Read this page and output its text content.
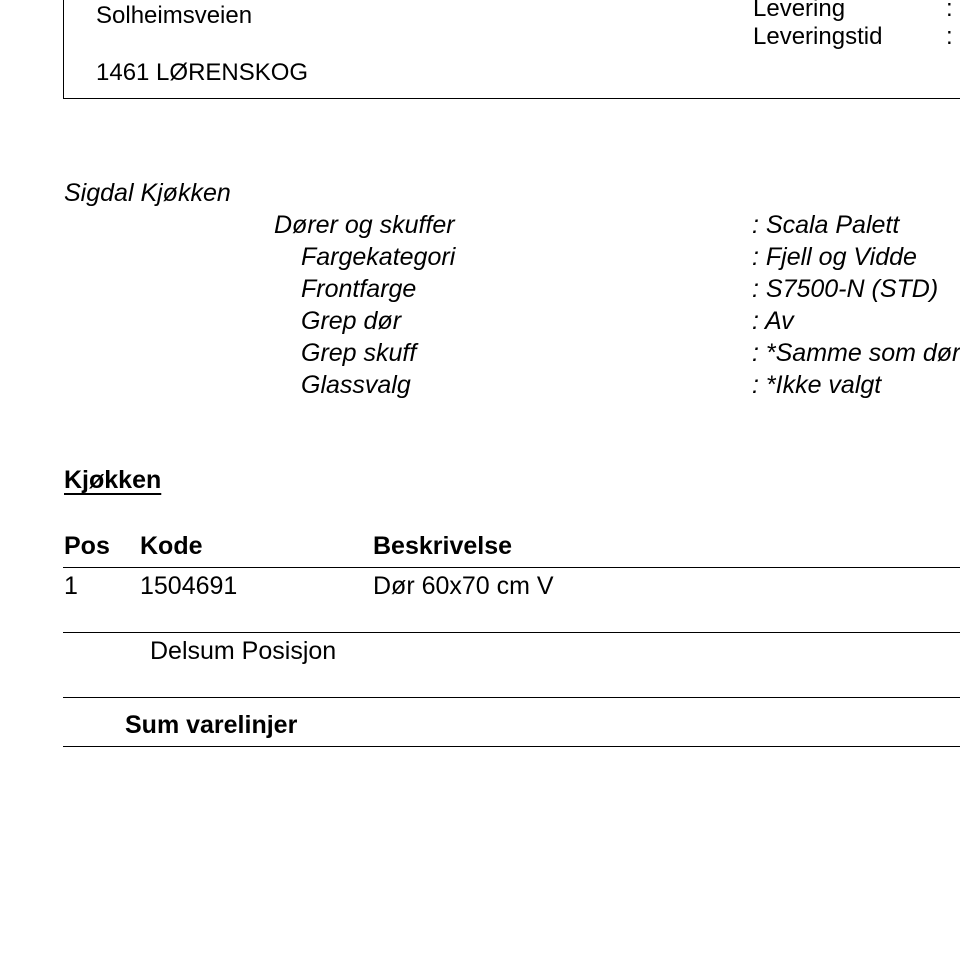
Solheimsveien
1461 LØRENSKOG
Levering	:
Leveringstid	:
Sigdal Kjøkken
Dører og skuffer	: Scala Palett
Fargekategori	: Fjell og Vidde
Frontfarge	: S7500-N (STD)
Grep dør	: Av
Grep skuff	: *Samme som dør
Glassvalg	: *Ikke valgt
Kjøkken
Pos Kode	Beskrivelse
1 1504691	Dør 60x70 cm V
Delsum Posisjon
Sum varelinjer
